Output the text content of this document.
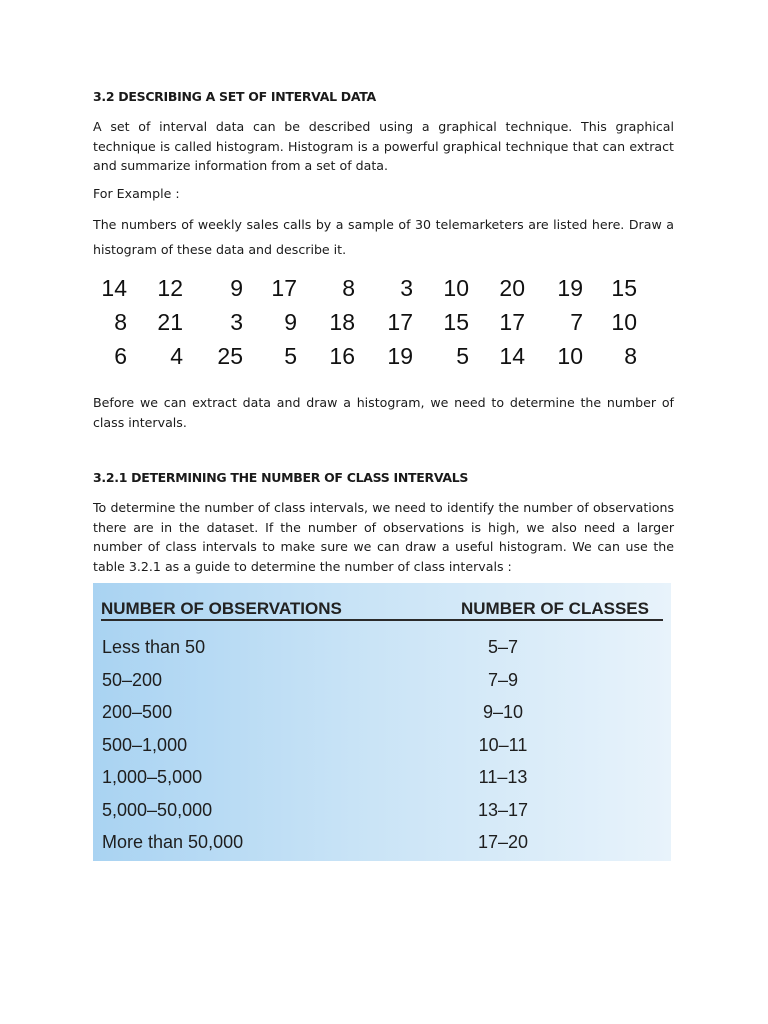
3.2 DESCRIBING A SET OF INTERVAL DATA

A set of interval data can be described using a graphical technique. This graphical technique is called histogram. Histogram is a powerful graphical technique that can extract and summarize information from a set of data.

For Example :

The numbers of weekly sales calls by a sample of 30 telemarketers are listed here. Draw a histogram of these data and describe it.

14	12	9	17	8	3	10	20	19	15
8	21	3	9	18	17	15	17	7	10
6	4	25	5	16	19	5	14	10	8

Before we can extract data and draw a histogram, we need to determine the number of class intervals.

3.2.1 DETERMINING THE NUMBER OF CLASS INTERVALS

To determine the number of class intervals, we need to identify the number of observations there are in the dataset. If the number of observations is high, we also need a larger number of class intervals to make sure we can draw a useful histogram. We can use the table 3.2.1 as a guide to determine the number of class intervals :

NUMBER OF OBSERVATIONS	NUMBER OF CLASSES
Less than 50	5–7
50–200	7–9
200–500	9–10
500–1,000	10–11
1,000–5,000	11–13
5,000–50,000	13–17
More than 50,000	17–20
